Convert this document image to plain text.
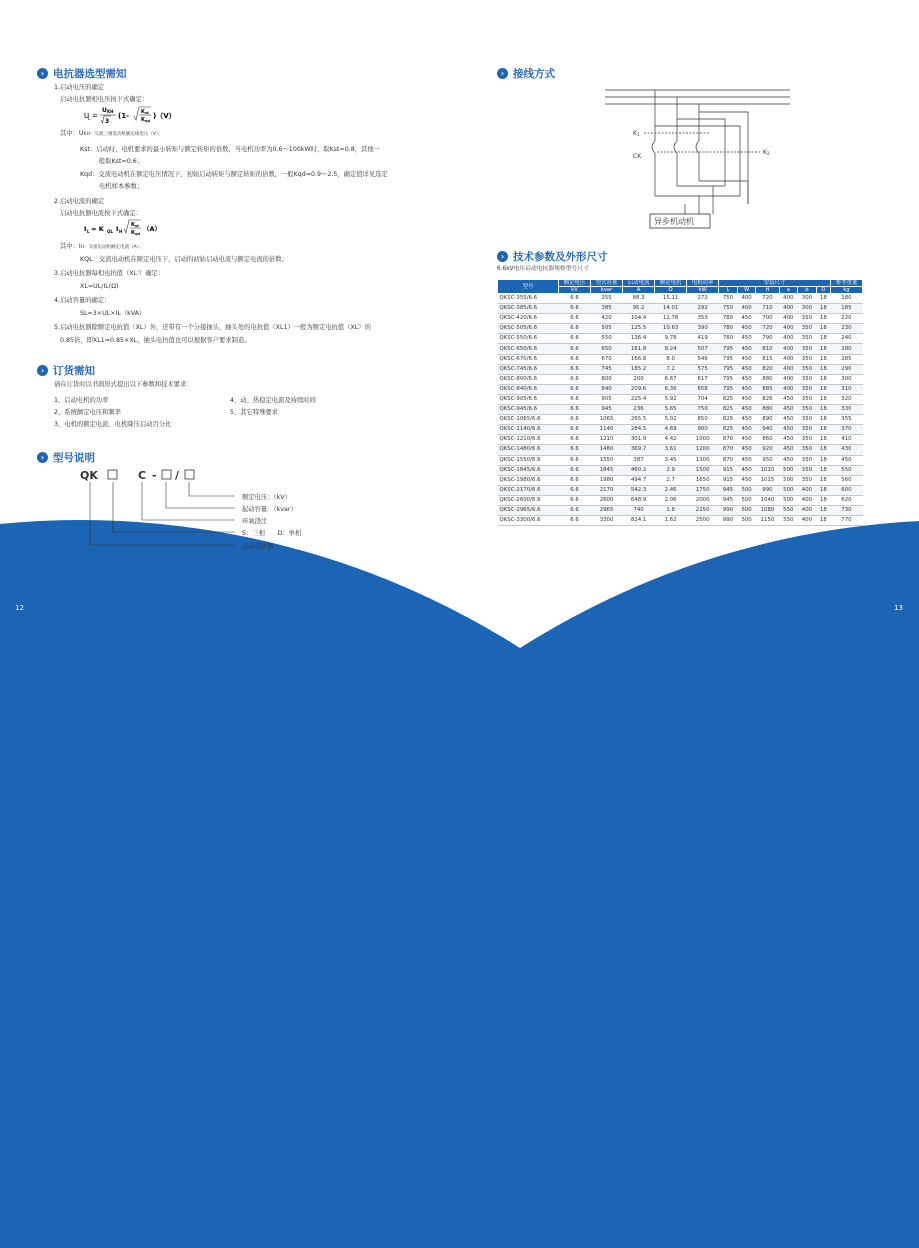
12	13
› 电抗器选型需知
1.启动电压的确定
启动电抗器相电压按下式确定：
U
L =
U KH
3
(1- K st
K qd
)（V）
其中：UKH：交流三相电动机额定线电压（V）；
Kst：启动时，电机要求的最小转矩与额定转矩的倍数，当电机功率为0.6～100kW时，取Kst=0.8，其他一
般取Kst=0.6；
Kqd：交流电动机在额定电压情况下，初始启动转矩与额定转矩的倍数，一般Kqd=0.9～2.5，确定值详见选定
电机样本参数；
2.启动电流的确定
启动电抗器电流按下式确定：
I L = K QL I H
K st
K qd
（A）
其中：IH：交流电动机额定电流（A）；
KQL：交流电动机在额定电压下，启动的初始启动电流与额定电流的倍数；
3.启动电抗器每相电抗值（XL'）确定：
XL=UL/IL(Ω)
4.启动容量的确定：
SL=3×UL×IL（kVA）
5.启动电抗器除额定电抗值（XL）外，还带有一个分接抽头，抽头处的电抗值（XL1）一般为额定电抗值（XL）的
0.85倍，即XL1=0.85×XL，抽头电抗值也可以根据客户要求制造。
› 订货需知
请在订货时以书面形式提出以下参数和技术要求：
1、启动电机的功率
2、系统额定电压和频率
3、电机的额定电流、电机降压启动百分比
4、动、热稳定电流及持续时间
5、其它特殊要求
› 型号说明
QK	C - /
额定电压：（kV）
起动容量：（kvar）
环氧浇注
S：三相　　D：单相
启动电抗器
› 接线方式
K1
CK
K2
异步机动机
› 技术参数及外形尺寸
6.6kV电压启动电抗器规格型号尺寸
型号	额定电压	型式容量	启动电流	额定电抗	电机功率	安装尺寸						参考重量
	kV	kvar	A	Ω	kW	L	W	H	a	b	D	kg
QKSC-355/6.6	6.6	355	88.3	15.11	272	750	400	720	400	300	18	180
QKSC-385/6.6	6.6	385	95.2	14.01	292	750	400	710	400	300	18	185
QKSC-420/6.6	6.6	420	104.4	12.78	353	780	450	700	400	350	18	220
QKSC-505/6.6	6.6	505	125.5	10.63	390	780	450	720	400	350	18	230
QKSC-550/6.6	6.6	550	136.4	9.78	419	780	450	790	400	350	18	240
QKSC-650/6.6	6.6	650	161.8	8.24	507	795	450	810	400	350	18	280
QKSC-670/6.6	6.6	670	166.8	8.0	546	795	450	815	400	350	18	285
QKSC-745/6.6	6.6	745	185.2	7.2	575	795	450	820	400	350	18	290
QKSC-800/6.6	6.6	800	200	6.67	617	795	450	880	400	350	18	300
QKSC-840/6.6	6.6	840	209.6	6.36	658	795	450	885	400	350	18	310
QKSC-905/6.6	6.6	905	225.4	5.92	704	825	450	826	450	350	18	320
QKSC-945/6.6	6.6	945	236	5.65	750	825	450	880	450	350	18	330
QKSC-1065/6.6	6.6	1065	265.5	5.02	850	825	450	890	450	350	18	355
QKSC-1140/6.6	6.6	1140	284.5	4.69	900	825	450	940	450	350	18	370
QKSC-1210/6.6	6.6	1210	301.9	4.42	1000	870	450	860	450	350	18	410
QKSC-1480/6.6	6.6	1480	369.7	3.61	1200	870	450	920	450	350	18	430
QKSC-1550/6.6	6.6	1550	387	3.45	1300	870	450	950	450	350	18	450
QKSC-1845/6.6	6.6	1845	460.2	2.9	1500	915	450	1010	500	350	18	550
QKSC-1980/6.6	6.6	1980	494.7	2.7	1650	915	450	1015	500	350	18	560
QKSC-2170/6.6	6.6	2170	542.3	2.46	1750	945	500	990	500	400	18	600
QKSC-2600/6.6	6.6	2600	648.9	2.06	2000	945	500	1040	500	400	18	620
QKSC-2965/6.6	6.6	2965	740	1.8	2250	990	500	1080	550	400	18	730
QKSC-3300/6.6	6.6	3300	824.1	1.62	2500	990	500	1150	550	400	18	770
